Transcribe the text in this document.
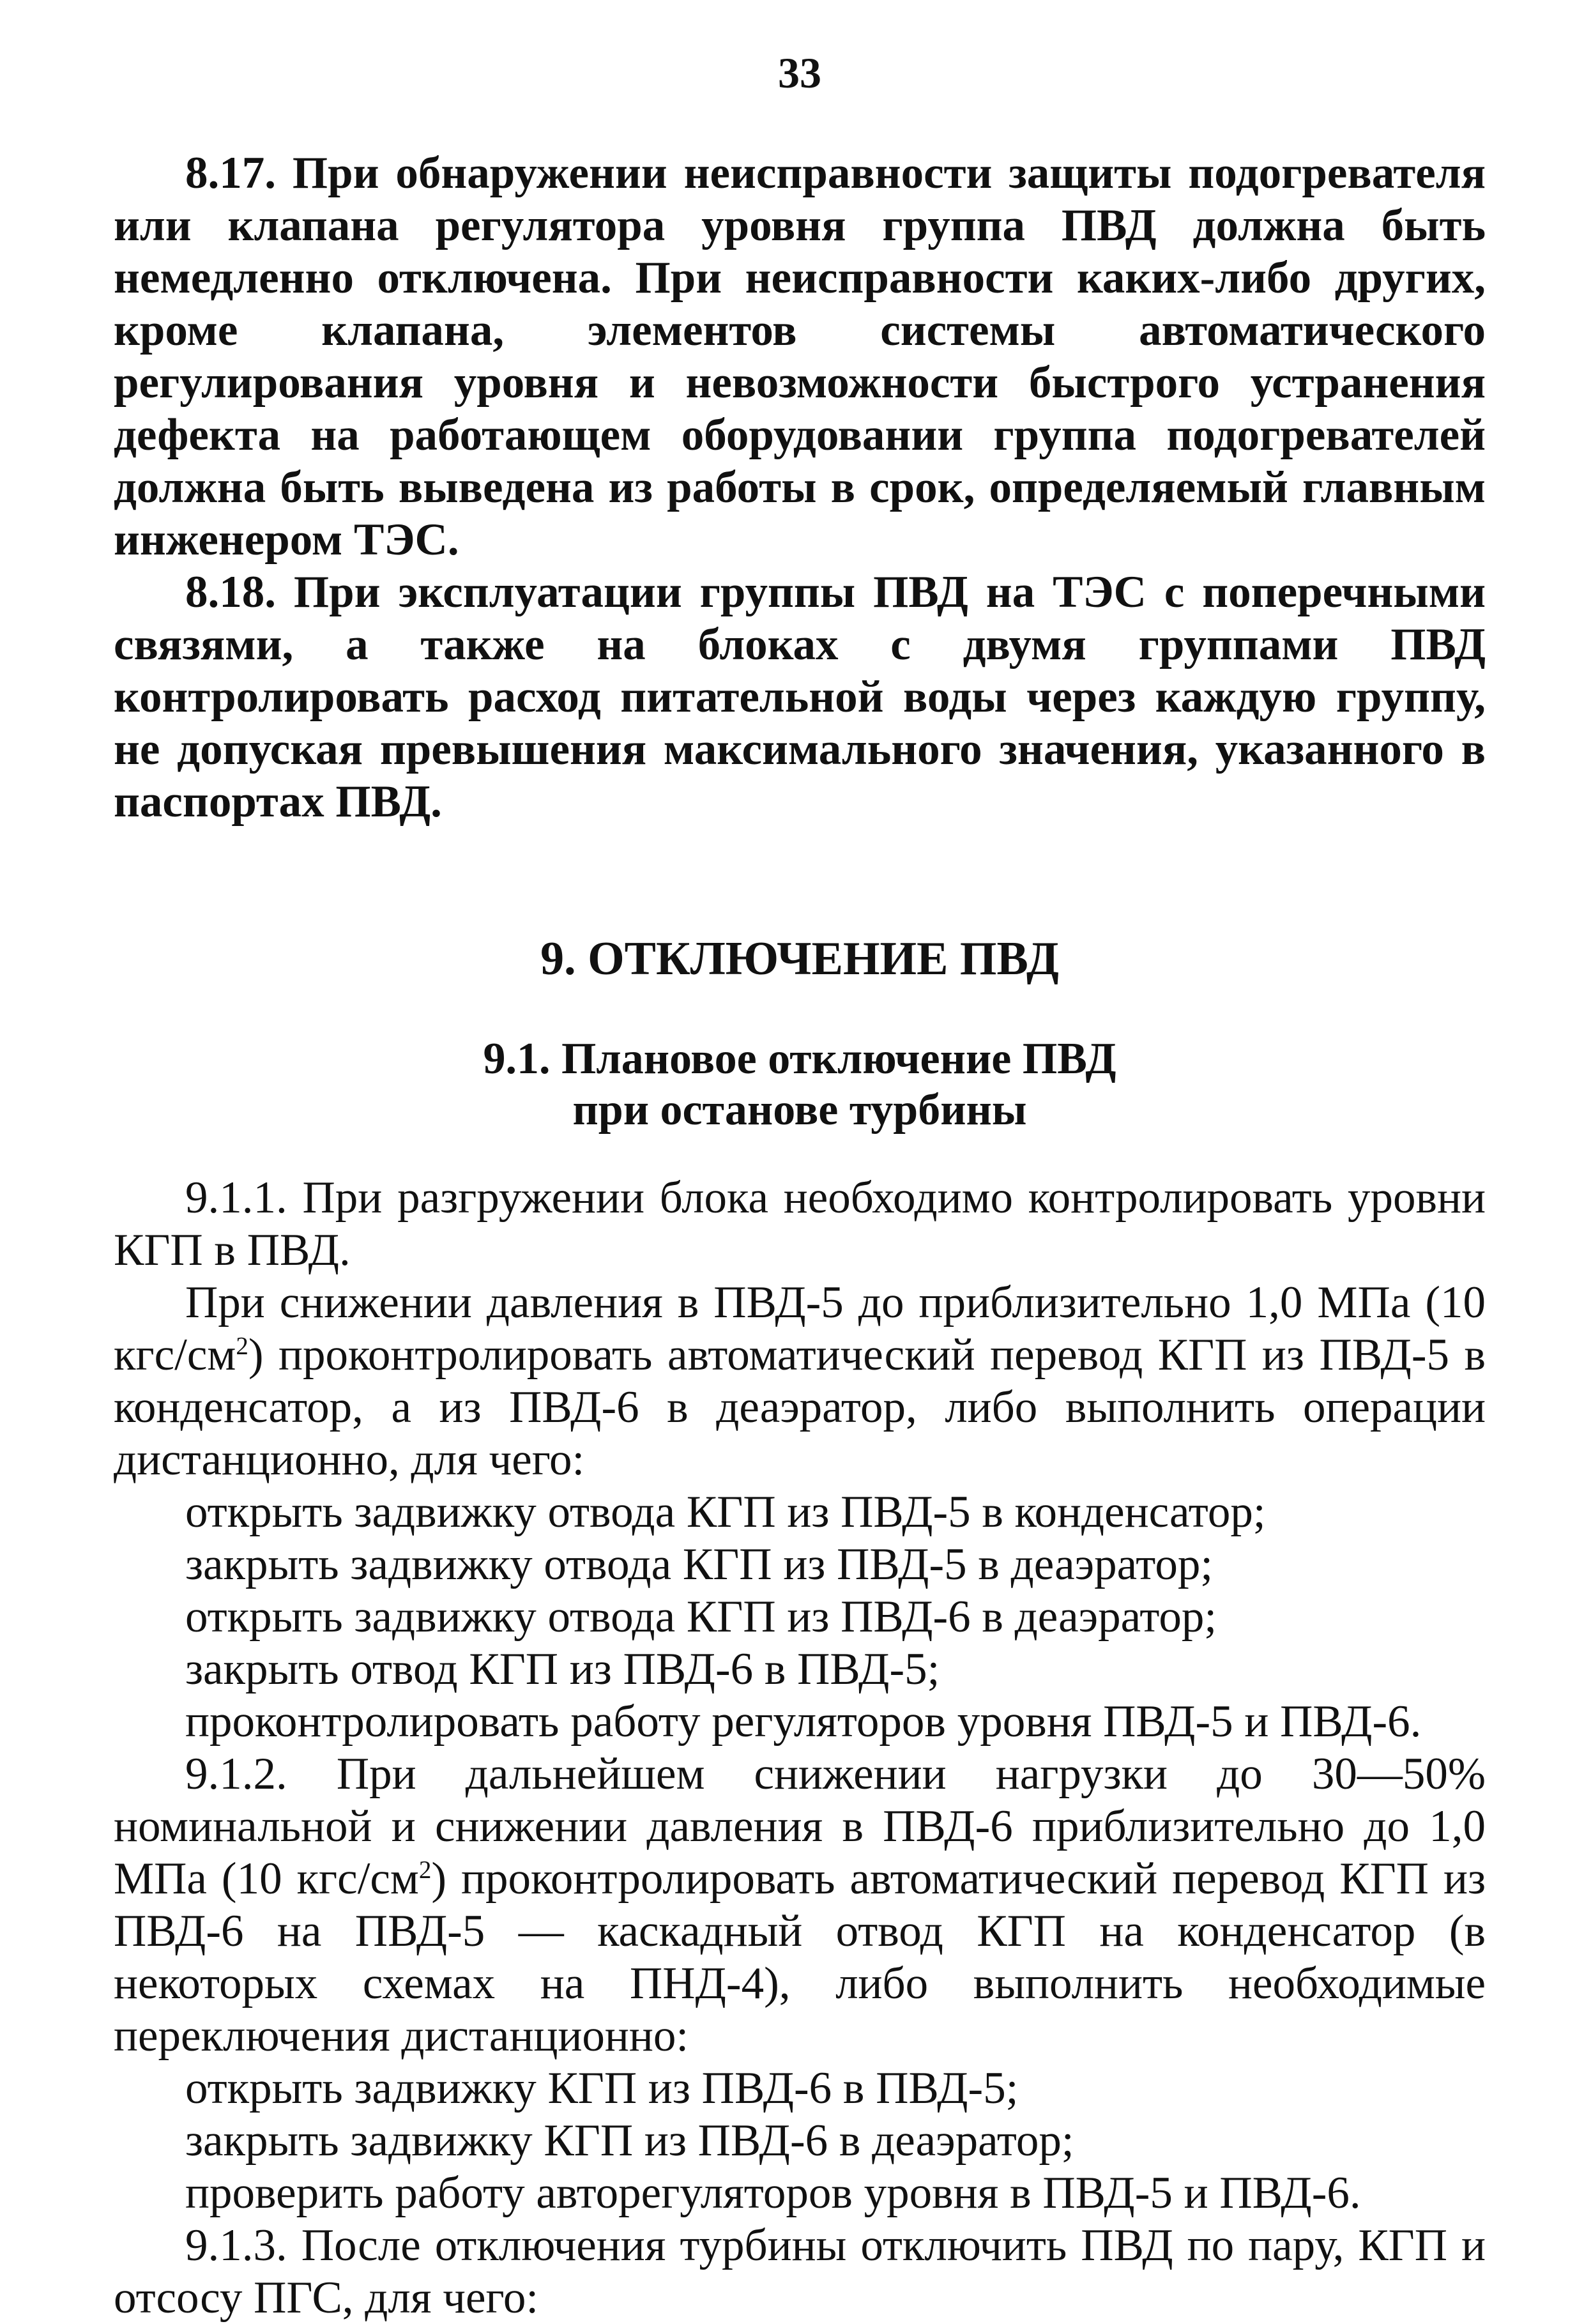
33

8.17. При обнаружении неисправности защиты подогревателя или клапана регулятора уровня группа ПВД должна быть немедленно отключена. При неисправности каких-либо других, кроме клапана, элементов системы автоматического регулирования уровня и невозможности быстрого устранения дефекта на работающем оборудовании группа подогревателей должна быть выведена из работы в срок, определяемый главным инженером ТЭС.

8.18. При эксплуатации группы ПВД на ТЭС с поперечными связями, а также на блоках с двумя группами ПВД контролировать расход питательной воды через каждую группу, не допуская превышения максимального значения, указанного в паспортах ПВД.

9. ОТКЛЮЧЕНИЕ ПВД
9.1. Плановое отключение ПВД
при останове турбины

9.1.1. При разгружении блока необходимо контролировать уровни КГП в ПВД.

При снижении давления в ПВД-5 до приблизительно 1,0 МПа (10 кгс/$см^2$) проконтролировать автоматический перевод КГП из ПВД-5 в конденсатор, а из ПВД-6 в деаэратор, либо выполнить операции дистанционно, для чего:

открыть задвижку отвода КГП из ПВД-5 в конденсатор;

закрыть задвижку отвода КГП из ПВД-5 в деаэратор;

открыть задвижку отвода КГП из ПВД-6 в деаэратор;

закрыть отвод КГП из ПВД-6 в ПВД-5;

проконтролировать работу регуляторов уровня ПВД-5 и ПВД-6.

9.1.2. При дальнейшем снижении нагрузки до 30—50% номинальной и снижении давления в ПВД-6 приблизительно до 1,0 МПа (10 кгс/$см^2$) проконтролировать автоматический перевод КГП из ПВД-6 на ПВД-5 — каскадный отвод КГП на конденсатор (в некоторых схемах на ПНД-4), либо выполнить необходимые переключения дистанционно:

открыть задвижку КГП из ПВД-6 в ПВД-5;

закрыть задвижку КГП из ПВД-6 в деаэратор;

проверить работу авторегуляторов уровня в ПВД-5 и ПВД-6.

9.1.3. После отключения турбины отключить ПВД по пару, КГП и отсосу ПГС, для чего:
